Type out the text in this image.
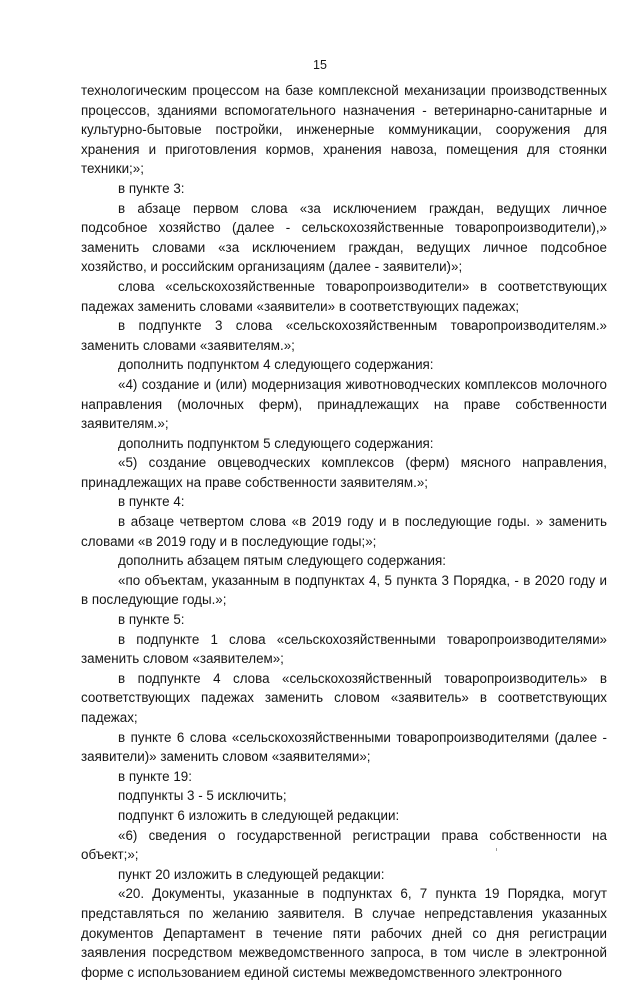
15

технологическим процессом на базе комплексной механизации производственных процессов, зданиями вспомогательного назначения - ветеринарно-санитарные и культурно-бытовые постройки, инженерные коммуникации, сооружения для хранения и приготовления кормов, хранения навоза, помещения для стоянки техники;»;

в пункте 3:

в абзаце первом слова «за исключением граждан, ведущих личное подсобное хозяйство (далее - сельскохозяйственные товаропроизводители),» заменить словами «за исключением граждан, ведущих личное подсобное хозяйство, и российским организациям (далее - заявители)»;

слова «сельскохозяйственные товаропроизводители» в соответствующих падежах заменить словами «заявители» в соответствующих падежах;

в подпункте 3 слова «сельскохозяйственным товаропроизводителям.» заменить словами «заявителям.»;

дополнить подпунктом 4 следующего содержания:

«4) создание и (или) модернизация животноводческих комплексов молочного направления (молочных ферм), принадлежащих на праве собственности заявителям.»;

дополнить подпунктом 5 следующего содержания:

«5) создание овцеводческих комплексов (ферм) мясного направления, принадлежащих на праве собственности заявителям.»;

в пункте 4:

в абзаце четвертом слова «в 2019 году и в последующие годы. » заменить словами «в 2019 году и в последующие годы;»;

дополнить абзацем пятым следующего содержания:

«по объектам, указанным в подпунктах 4, 5 пункта 3 Порядка, - в 2020 году и в последующие годы.»;

в пункте 5:

в подпункте 1 слова «сельскохозяйственными товаропроизводителями» заменить словом «заявителем»;

в подпункте 4 слова «сельскохозяйственный товаропроизводитель» в соответствующих падежах заменить словом «заявитель» в соответствующих падежах;

в пункте 6 слова «сельскохозяйственными товаропроизводителями (далее - заявители)» заменить словом «заявителями»;

в пункте 19:

подпункты 3 - 5 исключить;

подпункт 6 изложить в следующей редакции:

«6) сведения о государственной регистрации права собственности на объект;»;

пункт 20 изложить в следующей редакции:

«20. Документы, указанные в подпунктах 6, 7 пункта 19 Порядка, могут представляться по желанию заявителя. В случае непредставления указанных документов Департамент в течение пяти рабочих дней со дня регистрации заявления посредством межведомственного запроса, в том числе в электронной форме с использованием единой системы межведомственного электронного
